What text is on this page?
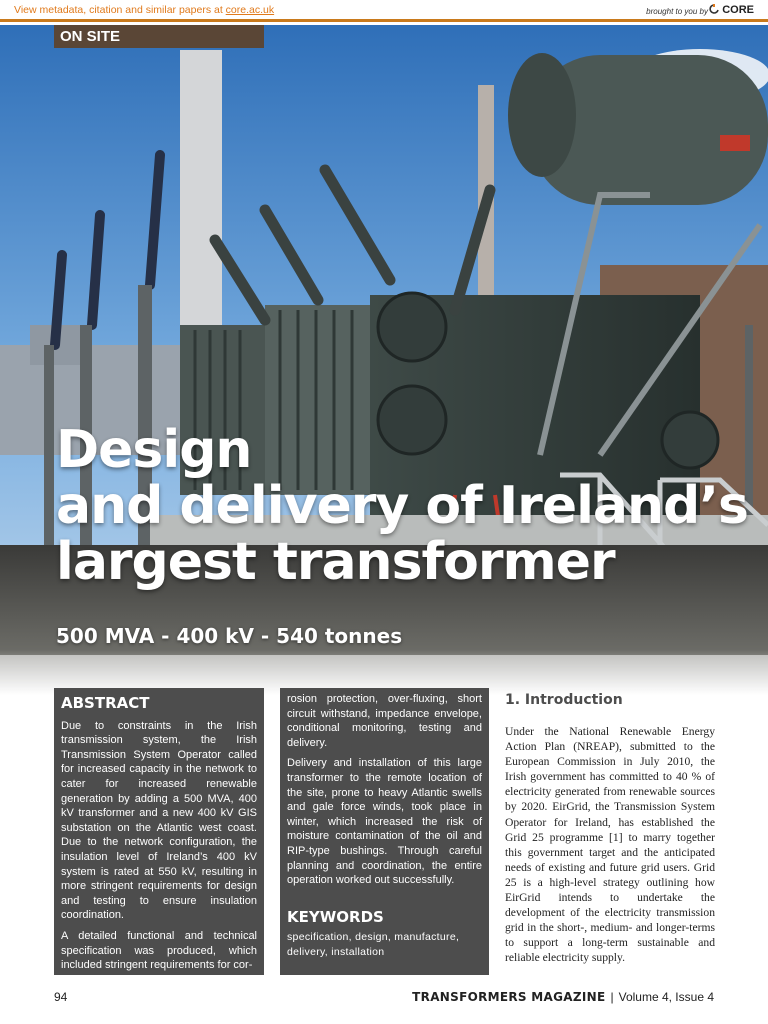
View metadata, citation and similar papers at core.ac.uk	brought to you by CORE
ON SITE
Design
and delivery of Ireland’s
largest transformer
500 MVA - 400 kV - 540 tonnes
ABSTRACT

Due to constraints in the Irish transmission system, the Irish Transmission System Operator called for increased capacity in the network to cater for increased renewable generation by adding a 500 MVA, 400 kV transformer and a new 400 kV GIS substation on the Atlantic west coast. Due to the network configuration, the insulation level of Ireland’s 400 kV system is rated at 550 kV, resulting in more stringent requirements for design and testing to ensure insulation coordination.

A detailed functional and technical specification was produced, which included stringent requirements for cor-

rosion protection, over-fluxing, short circuit withstand, impedance envelope, conditional monitoring, testing and delivery.

Delivery and installation of this large transformer to the remote location of the site, prone to heavy Atlantic swells and gale force winds, took place in winter, which increased the risk of moisture contamination of the oil and RIP-type bushings. Through careful planning and coordination, the entire operation worked out successfully.

KEYWORDS
specification, design, manufacture, delivery, installation
1. Introduction

Under the National Renewable Energy Action Plan (NREAP), submitted to the European Commission in July 2010, the Irish government has committed to 40 % of electricity generated from renewable sources by 2020. EirGrid, the Transmission System Operator for Ireland, has established the Grid 25 programme [1] to marry together this government target and the anticipated needs of existing and future grid users. Grid 25 is a high-level strategy outlining how EirGrid intends to undertake the development of the electricity transmission grid in the short-, medium- and longer-terms to support a long-term sustainable and reliable electricity supply.

94	TRANSFORMERS MAGAZINE | Volume 4, Issue 4
